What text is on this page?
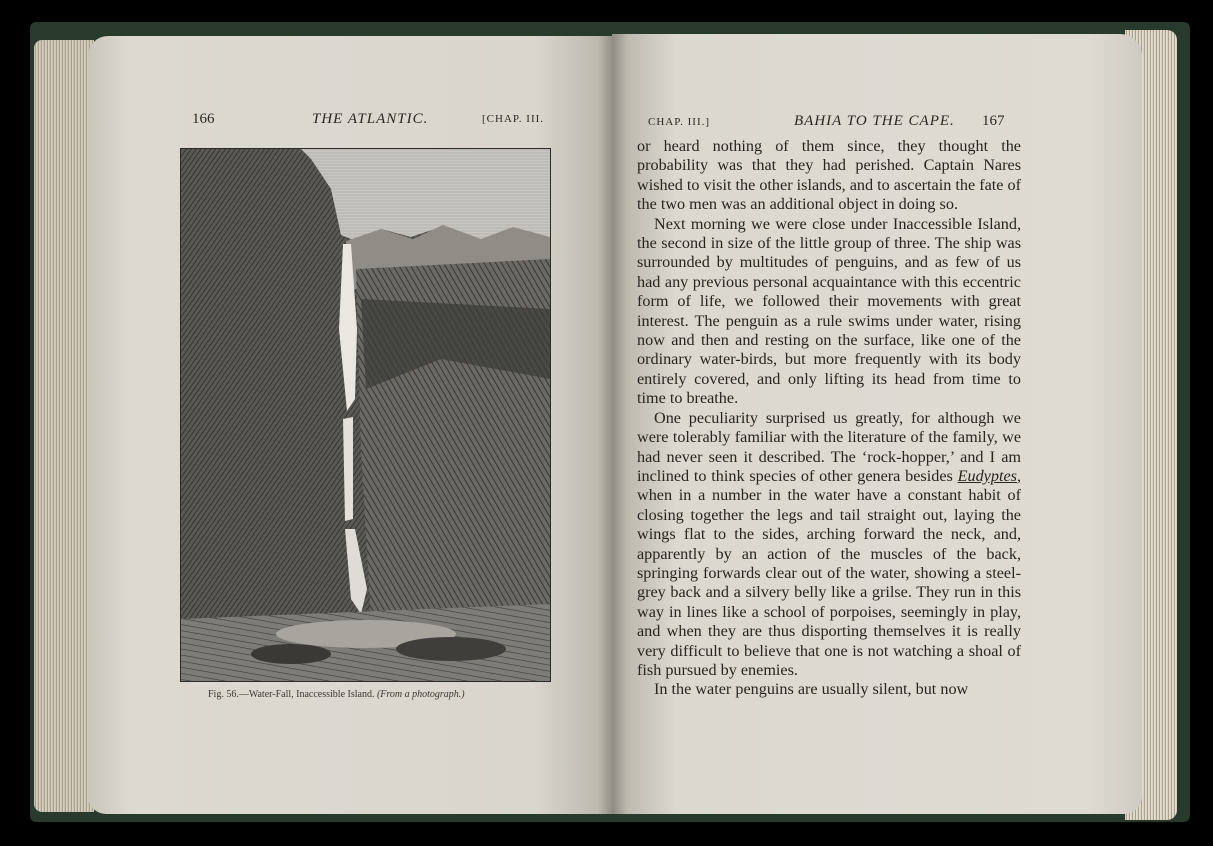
166	THE ATLANTIC.	[CHAP. III.
Fig. 56.—Water-Fall, Inaccessible Island. (From a photograph.)
CHAP. III.]	BAHIA TO THE CAPE. 167

or heard nothing of them since, they thought the probability was that they had perished. Captain Nares wished to visit the other islands, and to ascertain the fate of the two men was an additional object in doing so.

Next morning we were close under Inaccessible Island, the second in size of the little group of three. The ship was surrounded by multitudes of penguins, and as few of us had any previous personal acquaintance with this eccentric form of life, we followed their movements with great interest. The penguin as a rule swims under water, rising now and then and resting on the surface, like one of the ordinary water-birds, but more frequently with its body entirely covered, and only lifting its head from time to time to breathe.

One peculiarity surprised us greatly, for although we were tolerably familiar with the literature of the family, we had never seen it described. The ‘rock-hopper,’ and I am inclined to think species of other genera besides Eudyptes, when in a number in the water have a constant habit of closing together the legs and tail straight out, laying the wings flat to the sides, arching forward the neck, and, apparently by an action of the muscles of the back, springing forwards clear out of the water, showing a steel-grey back and a silvery belly like a grilse. They run in this way in lines like a school of porpoises, seemingly in play, and when they are thus disporting themselves it is really very difficult to believe that one is not watching a shoal of fish pursued by enemies.

In the water penguins are usually silent, but now
